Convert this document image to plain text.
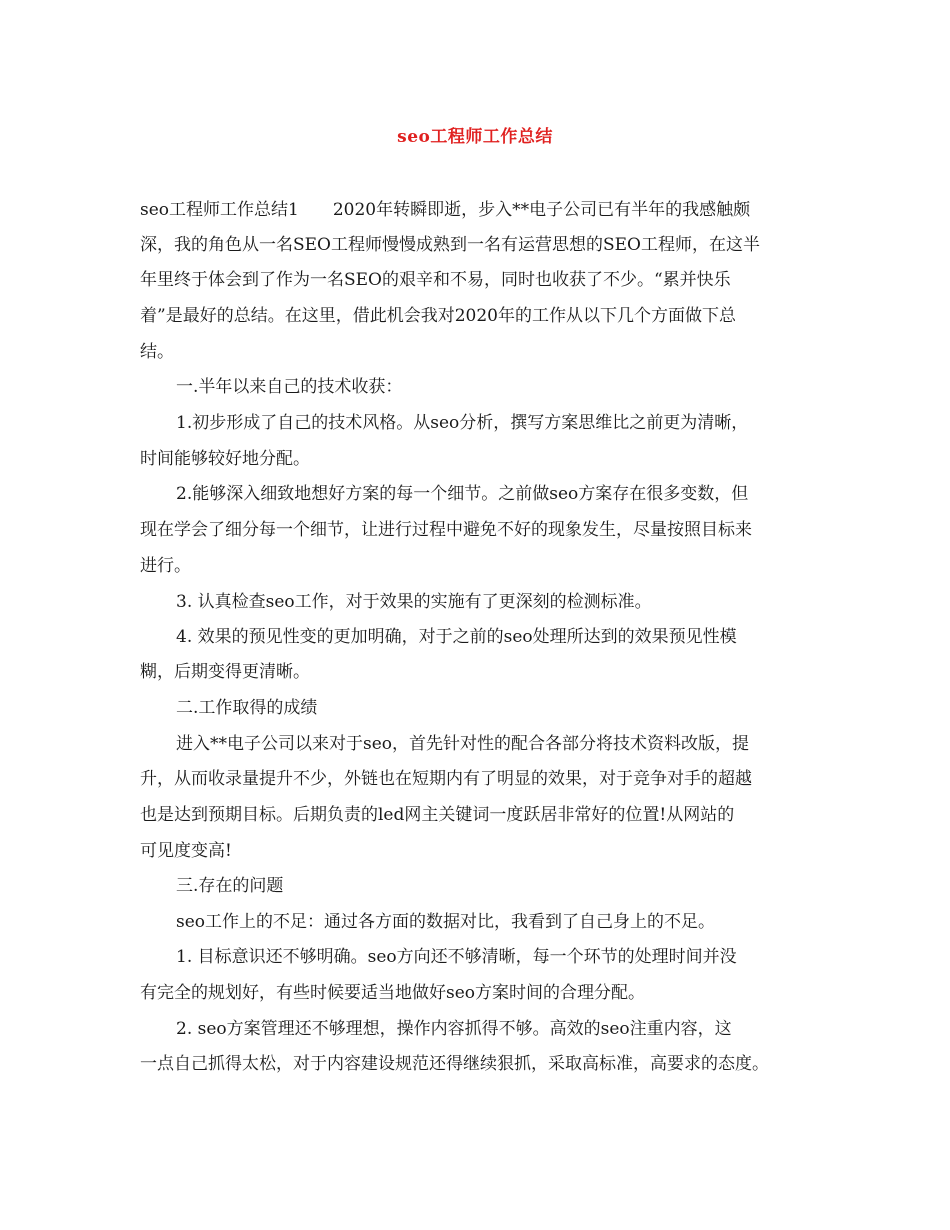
seo工程师工作总结
seo工程师工作总结1　　2020年转瞬即逝，步入**电子公司已有半年的我感触颇
深，我的角色从一名SEO工程师慢慢成熟到一名有运营思想的SEO工程师，在这半
年里终于体会到了作为一名SEO的艰辛和不易，同时也收获了不少。“累并快乐
着”是最好的总结。在这里，借此机会我对2020年的工作从以下几个方面做下总
结。
一.半年以来自己的技术收获：
1.初步形成了自己的技术风格。从seo分析，撰写方案思维比之前更为清晰，
时间能够较好地分配。
2.能够深入细致地想好方案的每一个细节。之前做seo方案存在很多变数，但
现在学会了细分每一个细节，让进行过程中避免不好的现象发生，尽量按照目标来
进行。
3. 认真检查seo工作，对于效果的实施有了更深刻的检测标准。
4. 效果的预见性变的更加明确，对于之前的seo处理所达到的效果预见性模
糊，后期变得更清晰。
二.工作取得的成绩
进入**电子公司以来对于seo，首先针对性的配合各部分将技术资料改版，提
升，从而收录量提升不少，外链也在短期内有了明显的效果，对于竞争对手的超越
也是达到预期目标。后期负责的led网主关键词一度跃居非常好的位置!从网站的
可见度变高!
三.存在的问题
seo工作上的不足：通过各方面的数据对比，我看到了自己身上的不足。
1. 目标意识还不够明确。seo方向还不够清晰，每一个环节的处理时间并没
有完全的规划好，有些时候要适当地做好seo方案时间的合理分配。
2. seo方案管理还不够理想，操作内容抓得不够。高效的seo注重内容，这
一点自己抓得太松，对于内容建设规范还得继续狠抓，采取高标准，高要求的态度。
